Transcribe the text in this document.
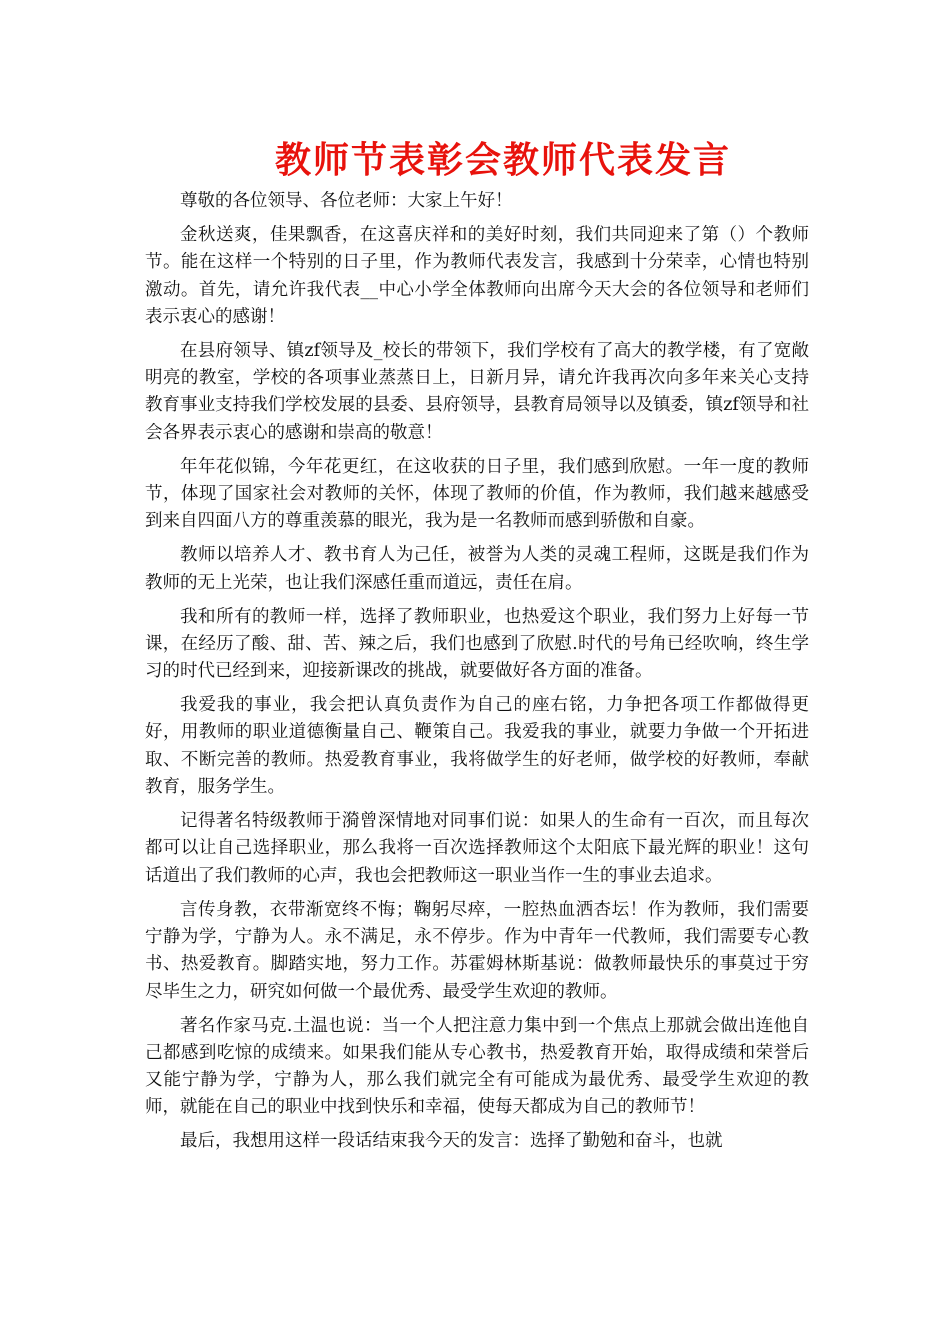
教师节表彰会教师代表发言

尊敬的各位领导、各位老师：大家上午好！

金秋送爽，佳果飘香，在这喜庆祥和的美好时刻，我们共同迎来了第（）个教师节。能在这样一个特别的日子里，作为教师代表发言，我感到十分荣幸，心情也特别激动。首先，请允许我代表__中心小学全体教师向出席今天大会的各位领导和老师们表示衷心的感谢！

在县府领导、镇zf领导及_校长的带领下，我们学校有了高大的教学楼，有了宽敞明亮的教室，学校的各项事业蒸蒸日上，日新月异，请允许我再次向多年来关心支持教育事业支持我们学校发展的县委、县府领导，县教育局领导以及镇委，镇zf领导和社会各界表示衷心的感谢和崇高的敬意！

年年花似锦，今年花更红，在这收获的日子里，我们感到欣慰。一年一度的教师节，体现了国家社会对教师的关怀，体现了教师的价值，作为教师，我们越来越感受到来自四面八方的尊重羡慕的眼光，我为是一名教师而感到骄傲和自豪。

教师以培养人才、教书育人为己任，被誉为人类的灵魂工程师，这既是我们作为教师的无上光荣，也让我们深感任重而道远，责任在肩。

我和所有的教师一样，选择了教师职业，也热爱这个职业，我们努力上好每一节课，在经历了酸、甜、苦、辣之后，我们也感到了欣慰.时代的号角已经吹响，终生学习的时代已经到来，迎接新课改的挑战，就要做好各方面的准备。

我爱我的事业，我会把认真负责作为自己的座右铭，力争把各项工作都做得更好，用教师的职业道德衡量自己、鞭策自己。我爱我的事业，就要力争做一个开拓进取、不断完善的教师。热爱教育事业，我将做学生的好老师，做学校的好教师，奉献教育，服务学生。

记得著名特级教师于漪曾深情地对同事们说：如果人的生命有一百次，而且每次都可以让自己选择职业，那么我将一百次选择教师这个太阳底下最光辉的职业！这句话道出了我们教师的心声，我也会把教师这一职业当作一生的事业去追求。

言传身教，衣带渐宽终不悔；鞠躬尽瘁，一腔热血洒杏坛！作为教师，我们需要宁静为学，宁静为人。永不满足，永不停步。作为中青年一代教师，我们需要专心教书、热爱教育。脚踏实地，努力工作。苏霍姆林斯基说：做教师最快乐的事莫过于穷尽毕生之力，研究如何做一个最优秀、最受学生欢迎的教师。

著名作家马克.土温也说：当一个人把注意力集中到一个焦点上那就会做出连他自己都感到吃惊的成绩来。如果我们能从专心教书，热爱教育开始，取得成绩和荣誉后又能宁静为学，宁静为人，那么我们就完全有可能成为最优秀、最受学生欢迎的教师，就能在自己的职业中找到快乐和幸福，使每天都成为自己的教师节！

最后，我想用这样一段话结束我今天的发言：选择了勤勉和奋斗，也就
